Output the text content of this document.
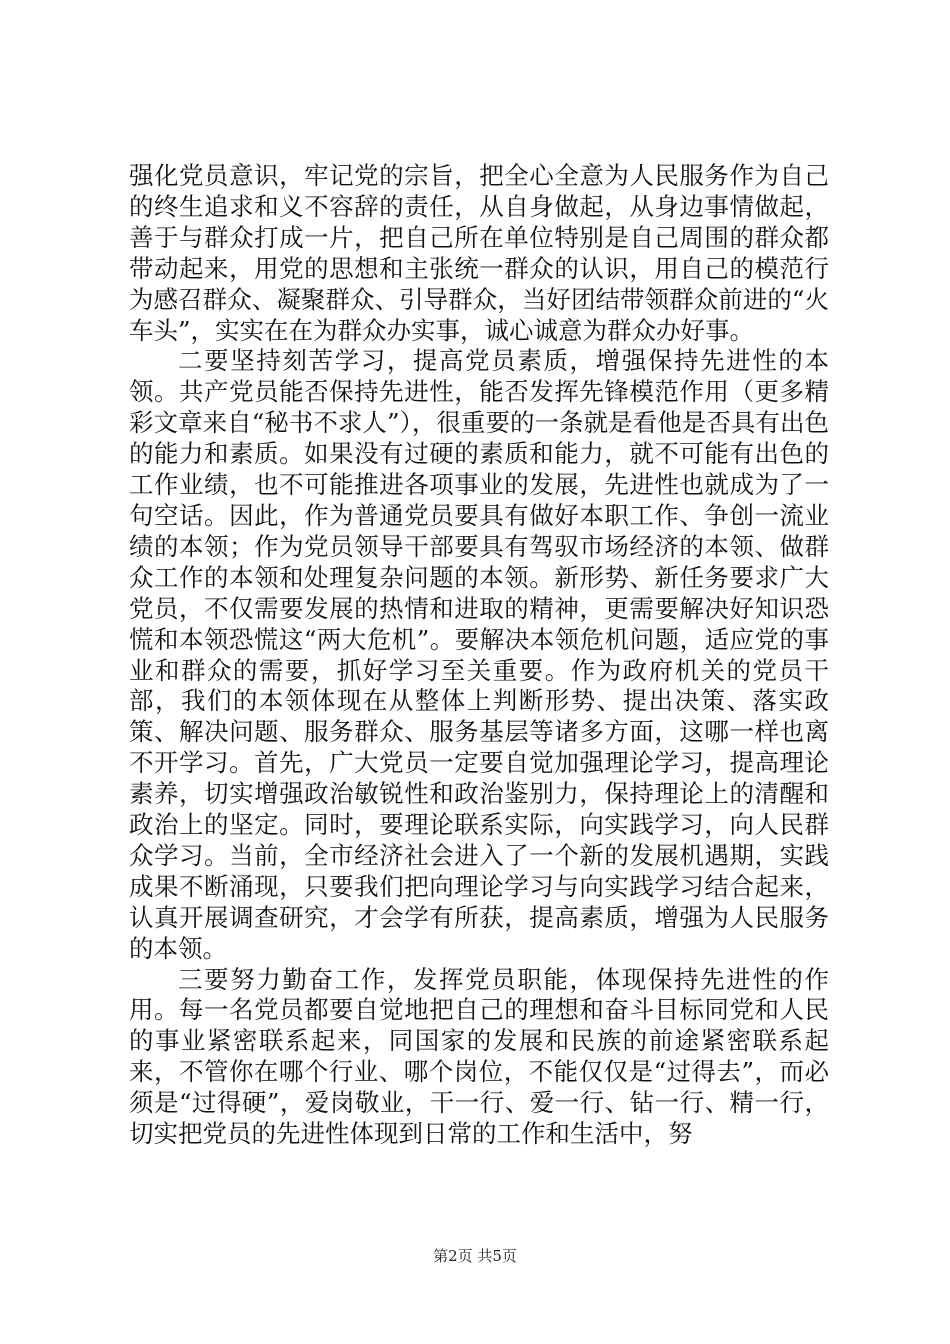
强化党员意识，牢记党的宗旨，把全心全意为人民服务作为自己的终生追求和义不容辞的责任，从自身做起，从身边事情做起，善于与群众打成一片，把自己所在单位特别是自己周围的群众都带动起来，用党的思想和主张统一群众的认识，用自己的模范行为感召群众、凝聚群众、引导群众，当好团结带领群众前进的“火车头”，实实在在为群众办实事，诚心诚意为群众办好事。

二要坚持刻苦学习，提高党员素质，增强保持先进性的本领。共产党员能否保持先进性，能否发挥先锋模范作用（更多精彩文章来自“秘书不求人”），很重要的一条就是看他是否具有出色的能力和素质。如果没有过硬的素质和能力，就不可能有出色的工作业绩，也不可能推进各项事业的发展，先进性也就成为了一句空话。因此，作为普通党员要具有做好本职工作、争创一流业绩的本领；作为党员领导干部要具有驾驭市场经济的本领、做群众工作的本领和处理复杂问题的本领。新形势、新任务要求广大党员，不仅需要发展的热情和进取的精神，更需要解决好知识恐慌和本领恐慌这“两大危机”。要解决本领危机问题，适应党的事业和群众的需要，抓好学习至关重要。作为政府机关的党员干部，我们的本领体现在从整体上判断形势、提出决策、落实政策、解决问题、服务群众、服务基层等诸多方面，这哪一样也离不开学习。首先，广大党员一定要自觉加强理论学习，提高理论素养，切实增强政治敏锐性和政治鉴别力，保持理论上的清醒和政治上的坚定。同时，要理论联系实际，向实践学习，向人民群众学习。当前，全市经济社会进入了一个新的发展机遇期，实践成果不断涌现，只要我们把向理论学习与向实践学习结合起来，认真开展调查研究，才会学有所获，提高素质，增强为人民服务的本领。

三要努力勤奋工作，发挥党员职能，体现保持先进性的作用。每一名党员都要自觉地把自己的理想和奋斗目标同党和人民的事业紧密联系起来，同国家的发展和民族的前途紧密联系起来，不管你在哪个行业、哪个岗位，不能仅仅是“过得去”，而必须是“过得硬”，爱岗敬业，干一行、爱一行、钻一行、精一行，切实把党员的先进性体现到日常的工作和生活中，努

第2页 共5页
